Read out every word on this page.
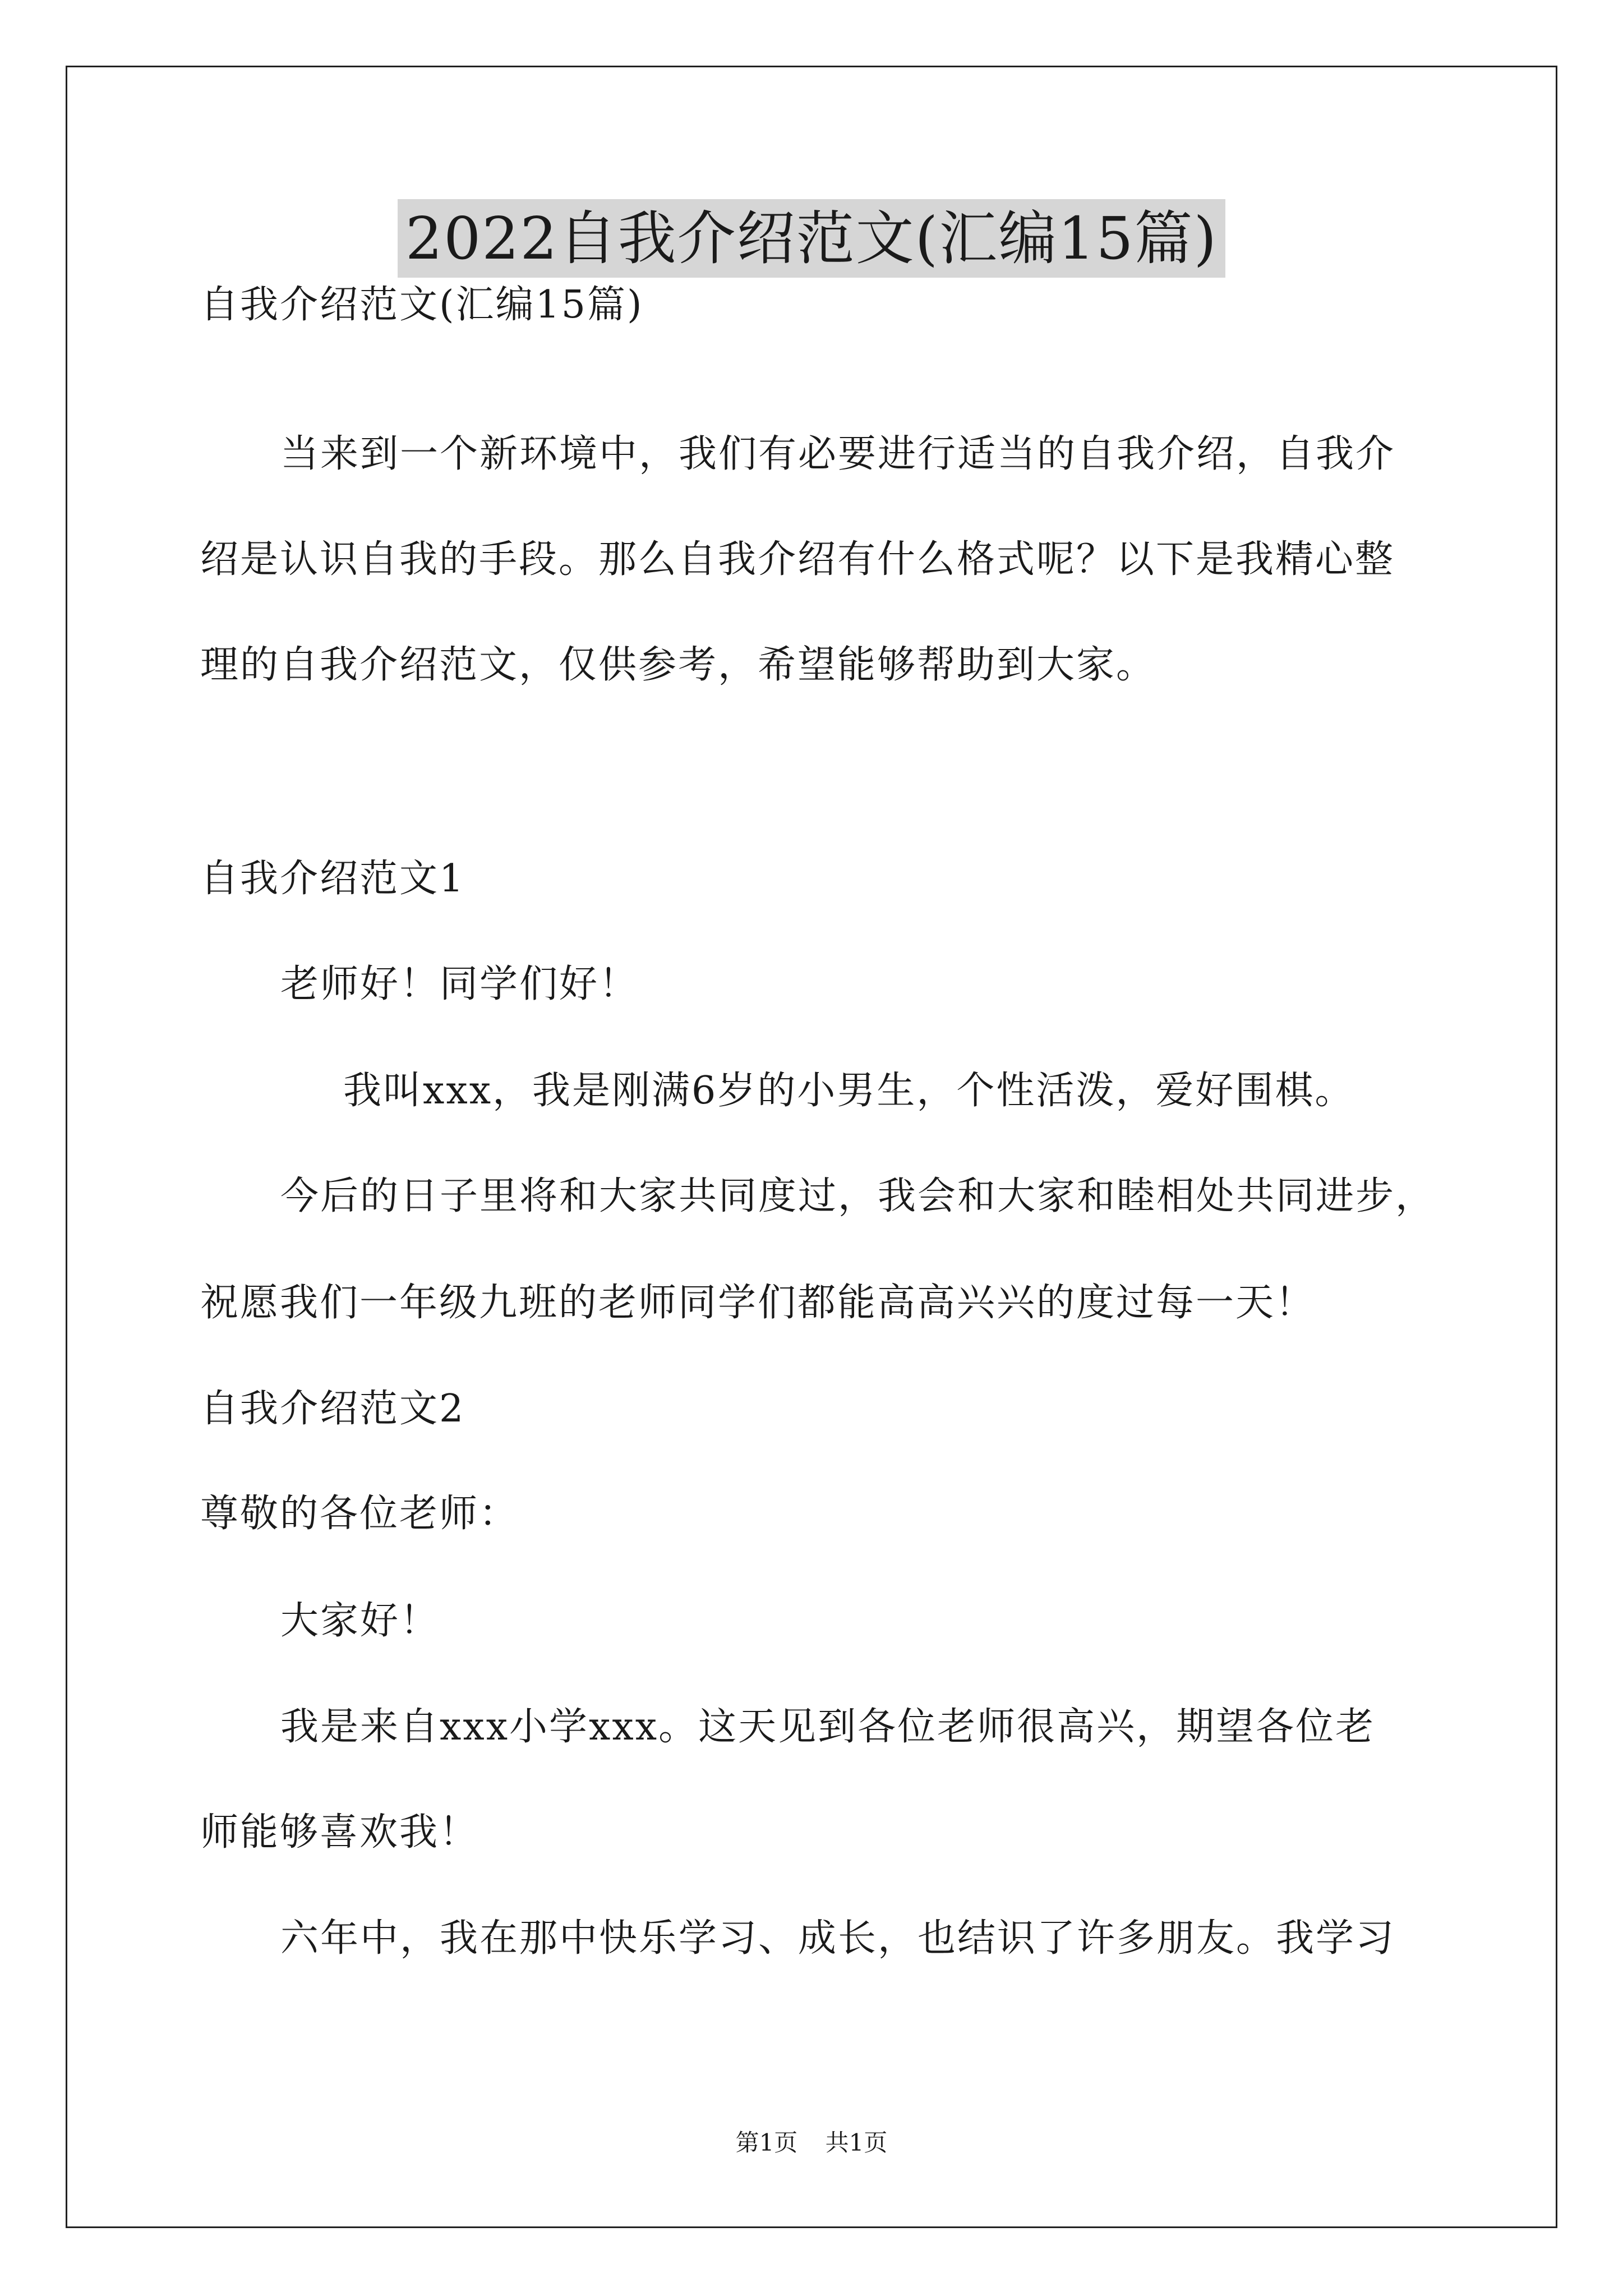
2022自我介绍范文(汇编15篇)
自我介绍范文(汇编15篇)
当来到一个新环境中，我们有必要进行适当的自我介绍，自我介
绍是认识自我的手段。那么自我介绍有什么格式呢？以下是我精心整
理的自我介绍范文，仅供参考，希望能够帮助到大家。
自我介绍范文1
老师好！同学们好！
我叫xxx，我是刚满6岁的小男生，个性活泼，爱好围棋。
今后的日子里将和大家共同度过，我会和大家和睦相处共同进步，
祝愿我们一年级九班的老师同学们都能高高兴兴的度过每一天！
自我介绍范文2
尊敬的各位老师：
大家好！
我是来自xxx小学xxx。这天见到各位老师很高兴，期望各位老
师能够喜欢我！
六年中，我在那中快乐学习、成长，也结识了许多朋友。我学习
第1页 共1页
